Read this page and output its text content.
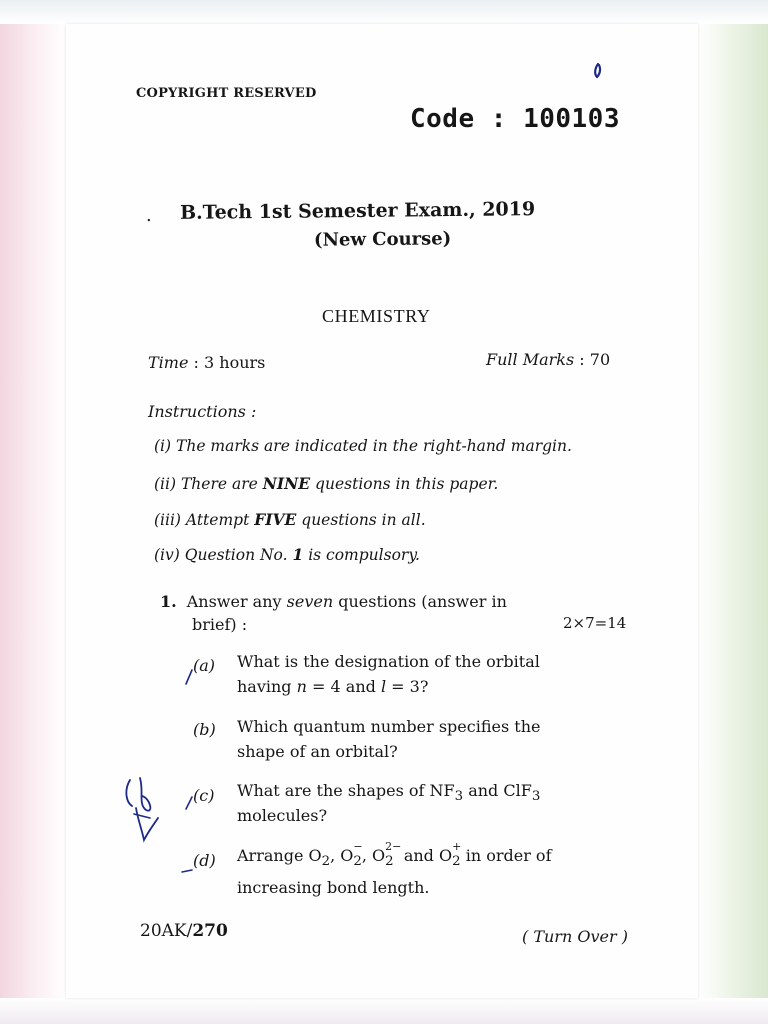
COPYRIGHT RESERVED
Code : 100103
. B.Tech 1st Semester Exam., 2019
(New Course)
CHEMISTRY
Time : 3 hours	Full Marks : 70
Instructions :
(i) The marks are indicated in the right-hand margin.
(ii) There are NINE questions in this paper.
(iii) Attempt FIVE questions in all.
(iv) Question No. 1 is compulsory.
1. Answer any seven questions (answer in
brief) :	2×7=14
(a) What is the designation of the orbital
having n = 4 and l = 3?
(b) Which quantum number specifies the
shape of an orbital?
(c) What are the shapes of $NF_3$ and ClF$_3$
molecules?
(d) Arrange $O_2$, O $_{- 2}$, O $_{2- 2}$  and O $_{+ 2}$ in order of
increasing bond length.
20AK/270	( Turn Over )
